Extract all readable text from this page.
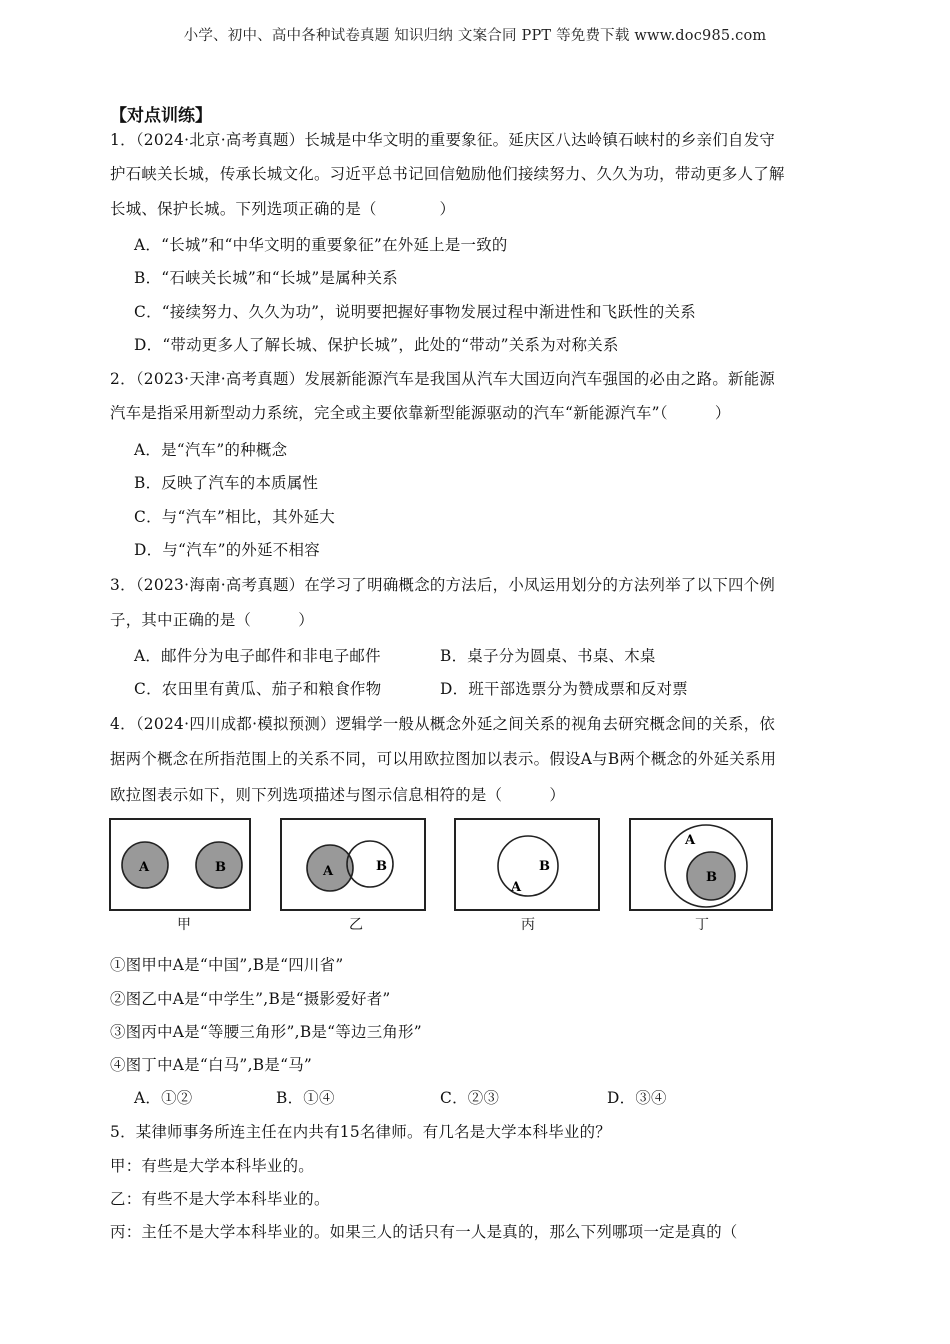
小学、初中、高中各种试卷真题 知识归纳 文案合同 PPT 等免费下载 www.doc985.com
【对点训练】
1．（2024·北京·高考真题）长城是中华文明的重要象征。延庆区八达岭镇石峡村的乡亲们自发守
护石峡关长城，传承长城文化。习近平总书记回信勉励他们接续努力、久久为功，带动更多人了解
长城、保护长城。下列选项正确的是（　　　　）
A．“长城”和“中华文明的重要象征”在外延上是一致的
B．“石峡关长城”和“长城”是属种关系
C．“接续努力、久久为功”，说明要把握好事物发展过程中渐进性和飞跃性的关系
D．“带动更多人了解长城、保护长城”，此处的“带动”关系为对称关系
2．（2023·天津·高考真题）发展新能源汽车是我国从汽车大国迈向汽车强国的必由之路。新能源
汽车是指采用新型动力系统，完全或主要依靠新型能源驱动的汽车“新能源汽车”（　　　）
A．是“汽车”的种概念
B．反映了汽车的本质属性
C．与“汽车”相比，其外延大
D．与“汽车”的外延不相容
3．（2023·海南·高考真题）在学习了明确概念的方法后，小凤运用划分的方法列举了以下四个例
子，其中正确的是（　　　）
A．邮件分为电子邮件和非电子邮件	B．桌子分为圆桌、书桌、木桌
C．农田里有黄瓜、茄子和粮食作物	D．班干部选票分为赞成票和反对票
4．（2024·四川成都·模拟预测）逻辑学一般从概念外延之间关系的视角去研究概念间的关系，依
据两个概念在所指范围上的关系不同，可以用欧拉图加以表示。假设A与B两个概念的外延关系用
欧拉图表示如下，则下列选项描述与图示信息相符的是（　　　）
A	B
甲
A	B
乙
B
A
丙
A
B
丁
①图甲中A是“中国”,B是“四川省”
②图乙中A是“中学生”,B是“摄影爱好者”
③图丙中A是“等腰三角形”,B是“等边三角形”
④图丁中A是“白马”,B是“马”
A．①②	B．①④	C．②③	D．③④
5．某律师事务所连主任在内共有15名律师。有几名是大学本科毕业的？
甲：有些是大学本科毕业的。
乙：有些不是大学本科毕业的。
丙：主任不是大学本科毕业的。如果三人的话只有一人是真的，那么下列哪项一定是真的（
